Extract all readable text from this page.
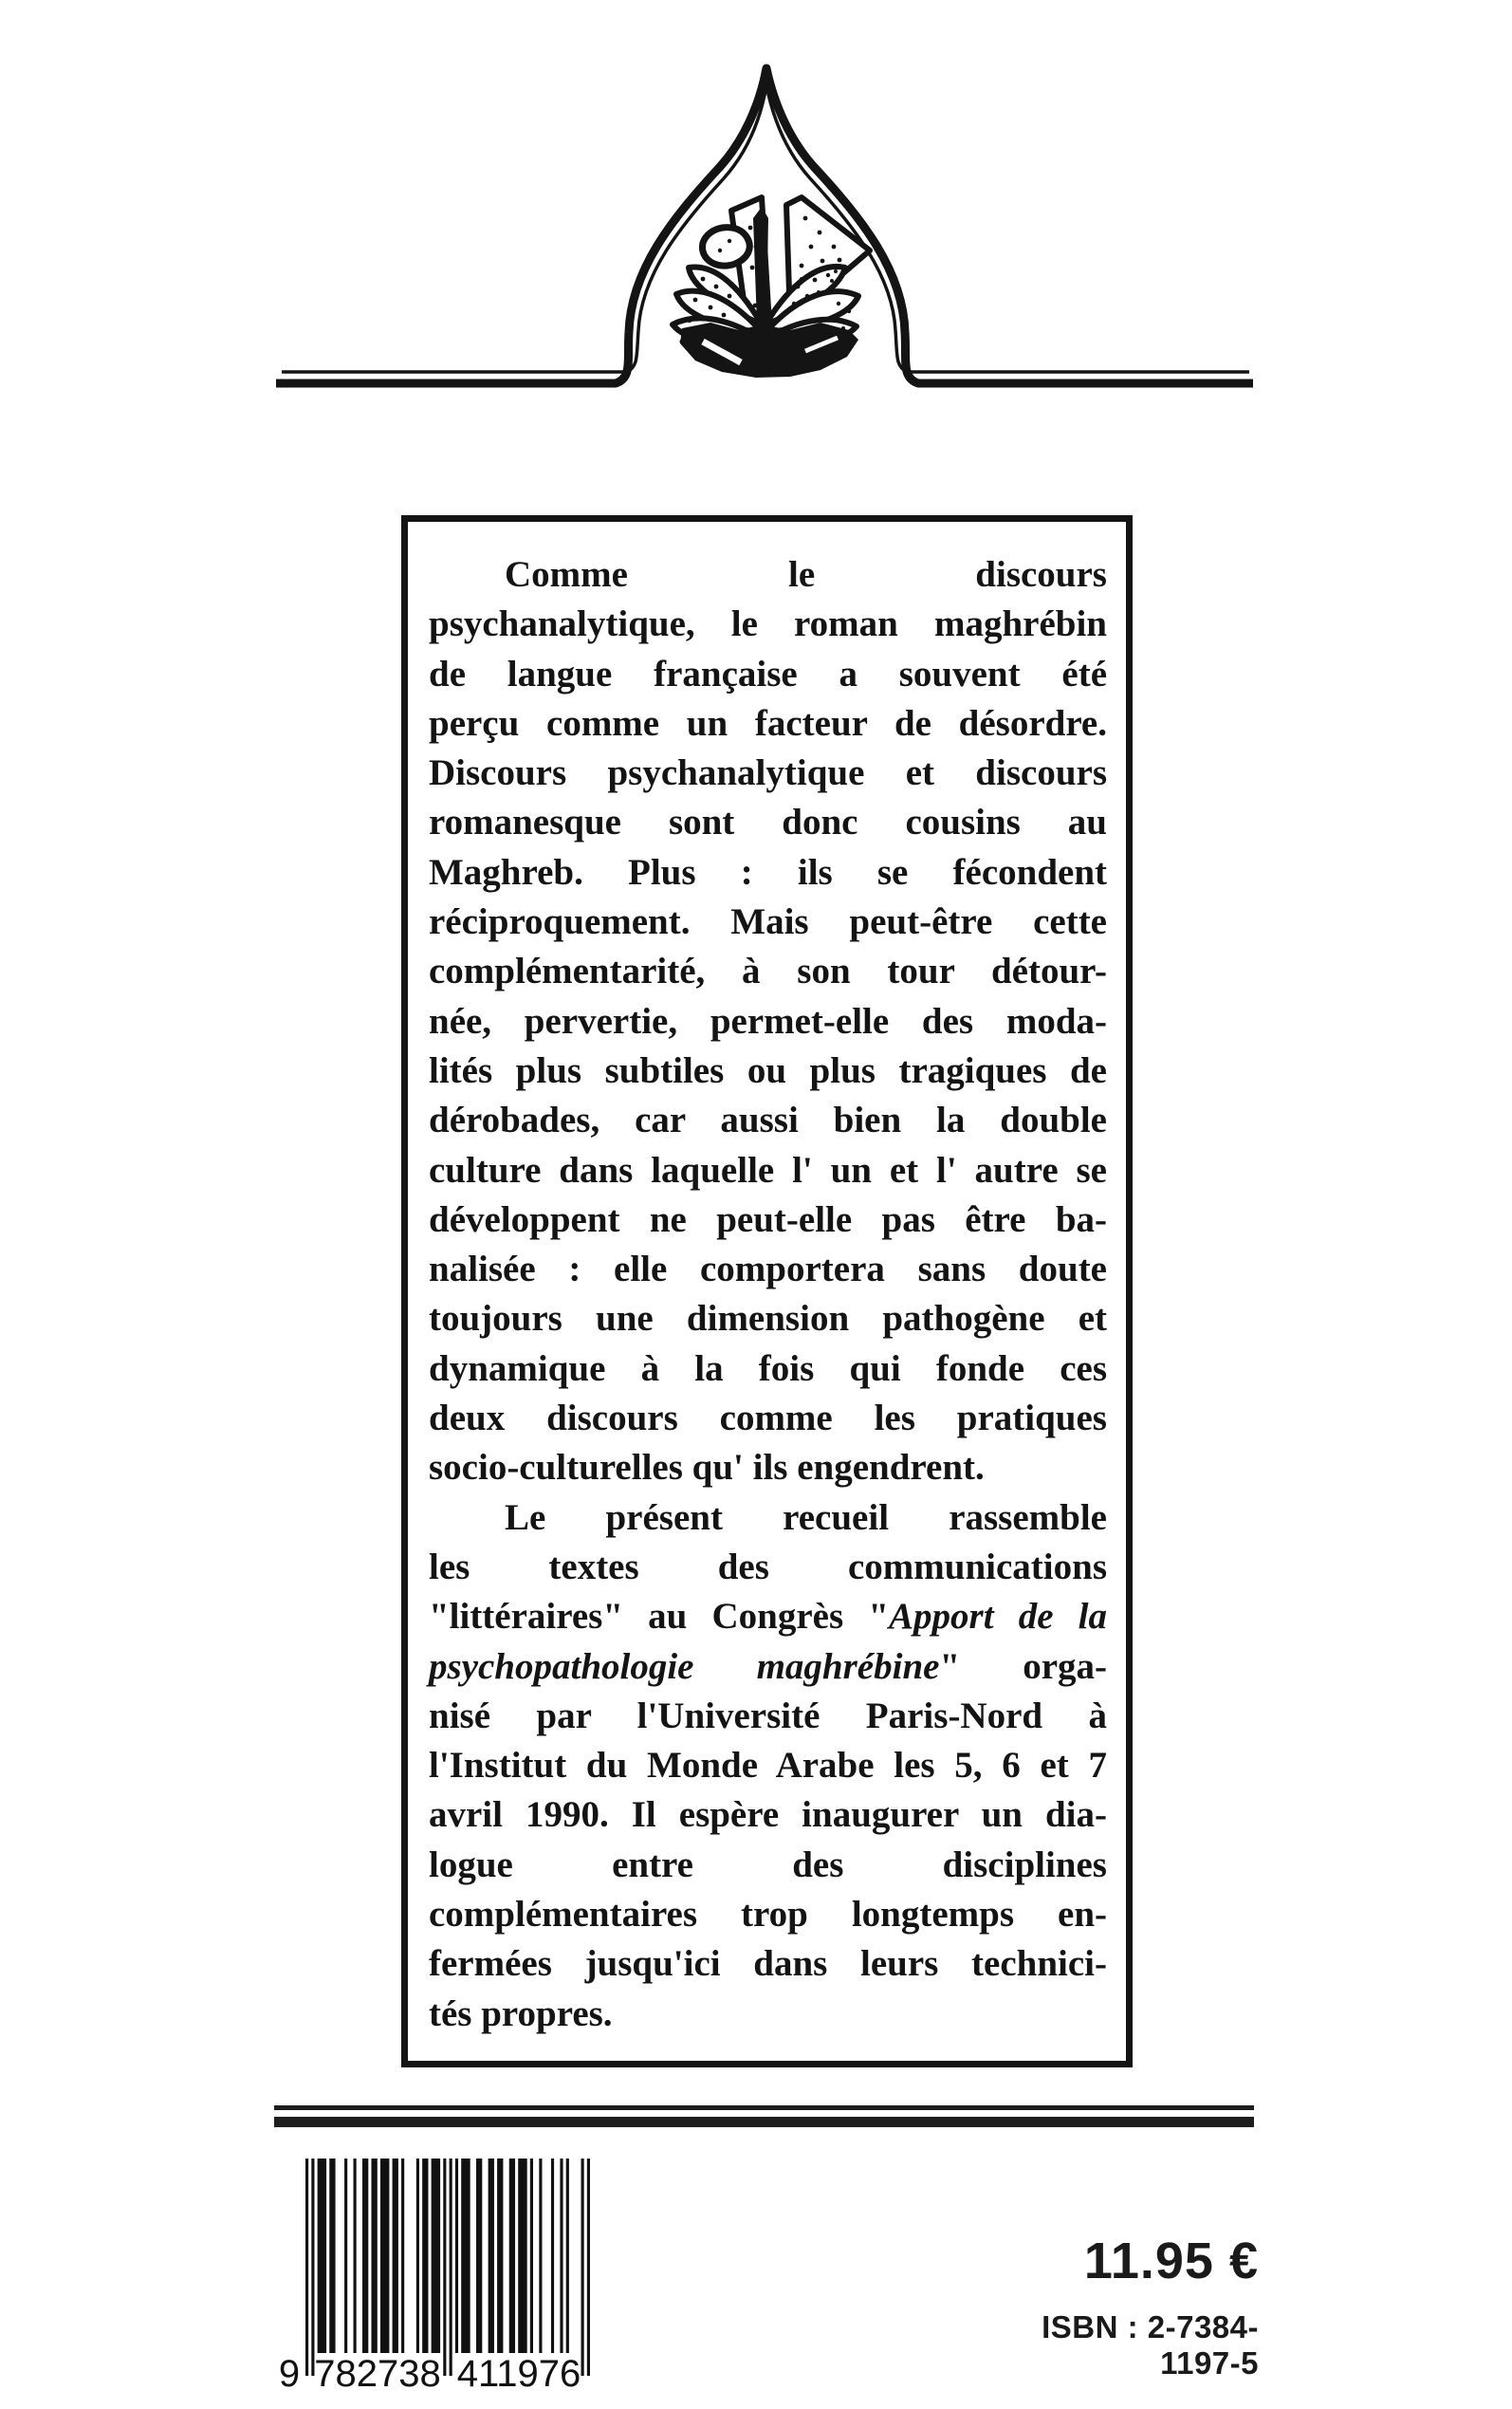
Comme le discours
psychanalytique, le roman maghrébin
de langue française a souvent été
perçu comme un facteur de désordre.
Discours psychanalytique et discours
romanesque sont donc cousins au
Maghreb. Plus : ils se fécondent
réciproquement. Mais peut-être cette
complémentarité, à son tour détour-
née, pervertie, permet-elle des moda-
lités plus subtiles ou plus tragiques de
dérobades, car aussi bien la double
culture dans laquelle l' un et l' autre se
développent ne peut-elle pas être ba-
nalisée : elle comportera sans doute
toujours une dimension pathogène et
dynamique à la fois qui fonde ces
deux discours comme les pratiques
socio-culturelles qu' ils engendrent.
Le présent recueil rassemble
les textes des communications
"littéraires" au Congrès "Apport de la
psychopathologie maghrébine" orga-
nisé par l'Université Paris-Nord à
l'Institut du Monde Arabe les 5, 6 et 7
avril 1990. Il espère inaugurer un dia-
logue entre des disciplines
complémentaires trop longtemps en-
fermées jusqu'ici dans leurs technici-
tés propres.
9 782738 411976
11.95 €
ISBN : 2-7384-1197-5
